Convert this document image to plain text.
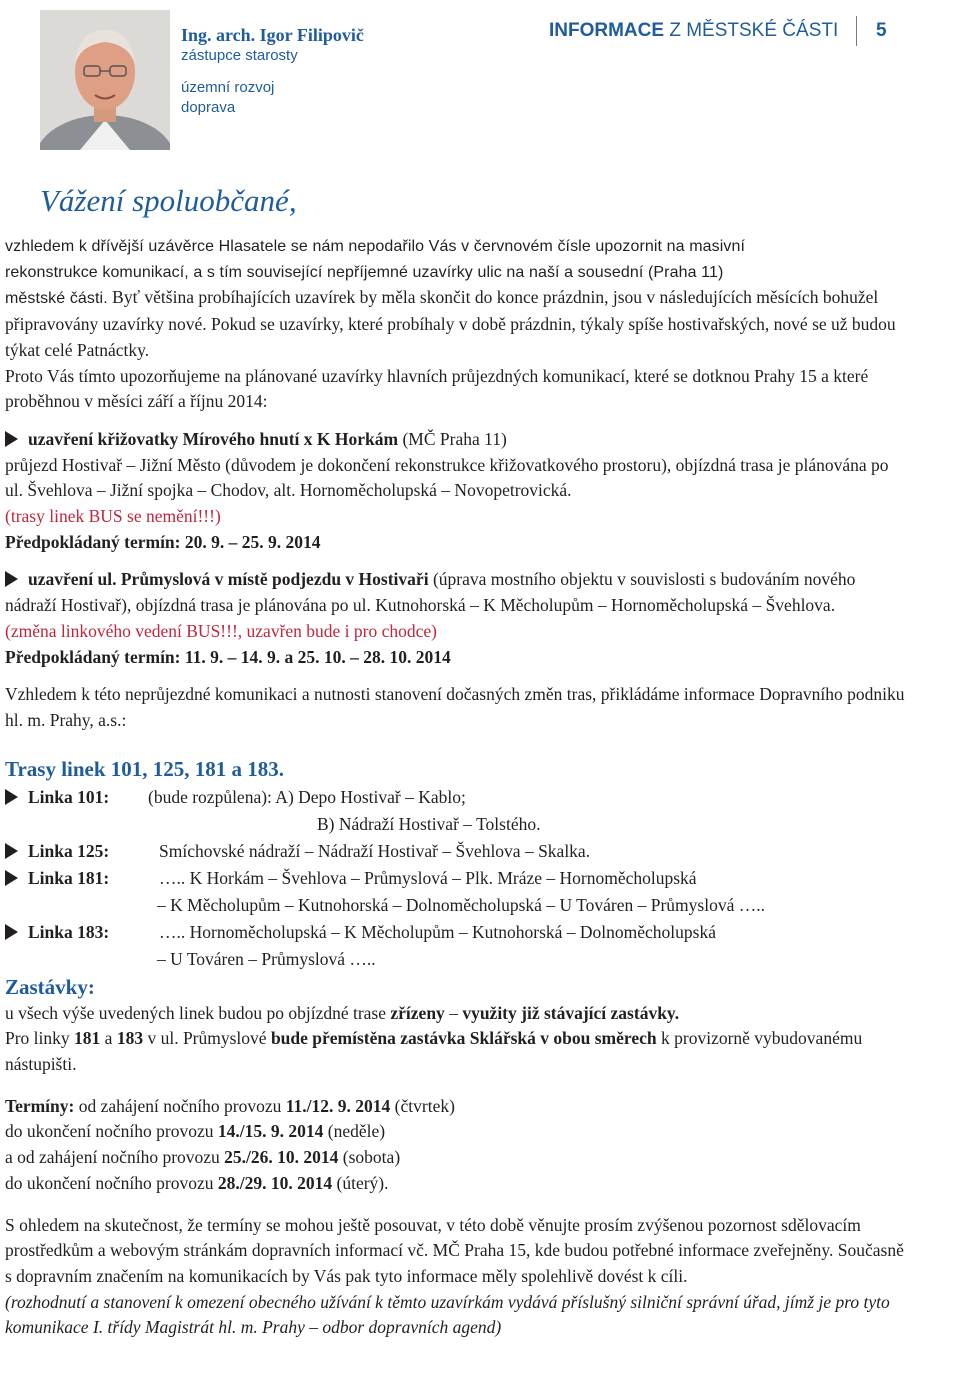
Ing. arch. Igor Filipovič
zástupce starosty
územní rozvoj
doprava
INFORMACE Z MĚSTSKÉ ČÁSTI 5
Vážení spoluobčané,

vzhledem k dřívější uzávěrce Hlasatele se nám nepodařilo Vás v červnovém čísle upozornit na masivní

rekonstrukce komunikací, a s tím související nepříjemné uzavírky ulic na naší a sousední (Praha 11)

městské části. Byť většina probíhajících uzavírek by měla skončit do konce prázdnin, jsou v následujících měsících bohužel připravovány uzavírky nové. Pokud se uzavírky, které probíhaly v době prázdnin, týkaly spíše hostivařských, nové se už budou týkat celé Patnáctky.

Proto Vás tímto upozorňujeme na plánované uzavírky hlavních průjezdných komunikací, které se dotknou Prahy 15 a které proběhnou v měsíci září a říjnu 2014:

uzavření křižovatky Mírového hnutí x K Horkám (MČ Praha 11)

průjezd Hostivař – Jižní Město (důvodem je dokončení rekonstrukce křižovatkového prostoru), objízdná trasa je plánována po ul. Švehlova – Jižní spojka – Chodov, alt. Hornoměcholupská – Novopetrovická.

(trasy linek BUS se nemění!!!)

Předpokládaný termín: 20. 9. – 25. 9. 2014

uzavření ul. Průmyslová v místě podjezdu v Hostivaři (úprava mostního objektu v souvislosti s budováním nového nádraží Hostivař), objízdná trasa je plánována po ul. Kutnohorská – K Měcholupům – Hornoměcholupská – Švehlova.

(změna linkového vedení BUS!!!, uzavřen bude i pro chodce)

Předpokládaný termín: 11. 9. – 14. 9. a 25. 10. – 28. 10. 2014

Vzhledem k této neprůjezdné komunikaci a nutnosti stanovení dočasných změn tras, přikládáme informace Dopravního podniku hl. m. Prahy, a.s.:

Trasy linek 101, 125, 181 a 183.
Linka 101:	(bude rozpůlena): A) Depo Hostivař – Kablo;
B) Nádraží Hostivař – Tolstého.
Linka 125:	Smíchovské nádraží – Nádraží Hostivař – Švehlova – Skalka.
Linka 181:	….. K Horkám – Švehlova – Průmyslová – Plk. Mráze – Hornoměcholupská
– K Měcholupům – Kutnohorská – Dolnoměcholupská – U Továren – Průmyslová …..
Linka 183:	….. Hornoměcholupská – K Měcholupům – Kutnohorská – Dolnoměcholupská
– U Továren – Průmyslová …..
Zastávky:

u všech výše uvedených linek budou po objízdné trase zřízeny – využity již stávající zastávky.

Pro linky 181 a 183 v ul. Průmyslové bude přemístěna zastávka Sklářská v obou směrech k provizorně vybudovanému nástupišti.

Termíny: od zahájení nočního provozu 11./12. 9. 2014 (čtvrtek)

do ukončení nočního provozu 14./15. 9. 2014 (neděle)

a od zahájení nočního provozu 25./26. 10. 2014 (sobota)

do ukončení nočního provozu 28./29. 10. 2014 (úterý).

S ohledem na skutečnost, že termíny se mohou ještě posouvat, v této době věnujte prosím zvýšenou pozornost sdělovacím prostředkům a webovým stránkám dopravních informací vč. MČ Praha 15, kde budou potřebné informace zveřejněny. Současně s dopravním značením na komunikacích by Vás pak tyto informace měly spolehlivě dovést k cíli.

(rozhodnutí a stanovení k omezení obecného užívání k těmto uzavírkám vydává příslušný silniční správní úřad, jímž je pro tyto komunikace I. třídy Magistrát hl. m. Prahy – odbor dopravních agend)
